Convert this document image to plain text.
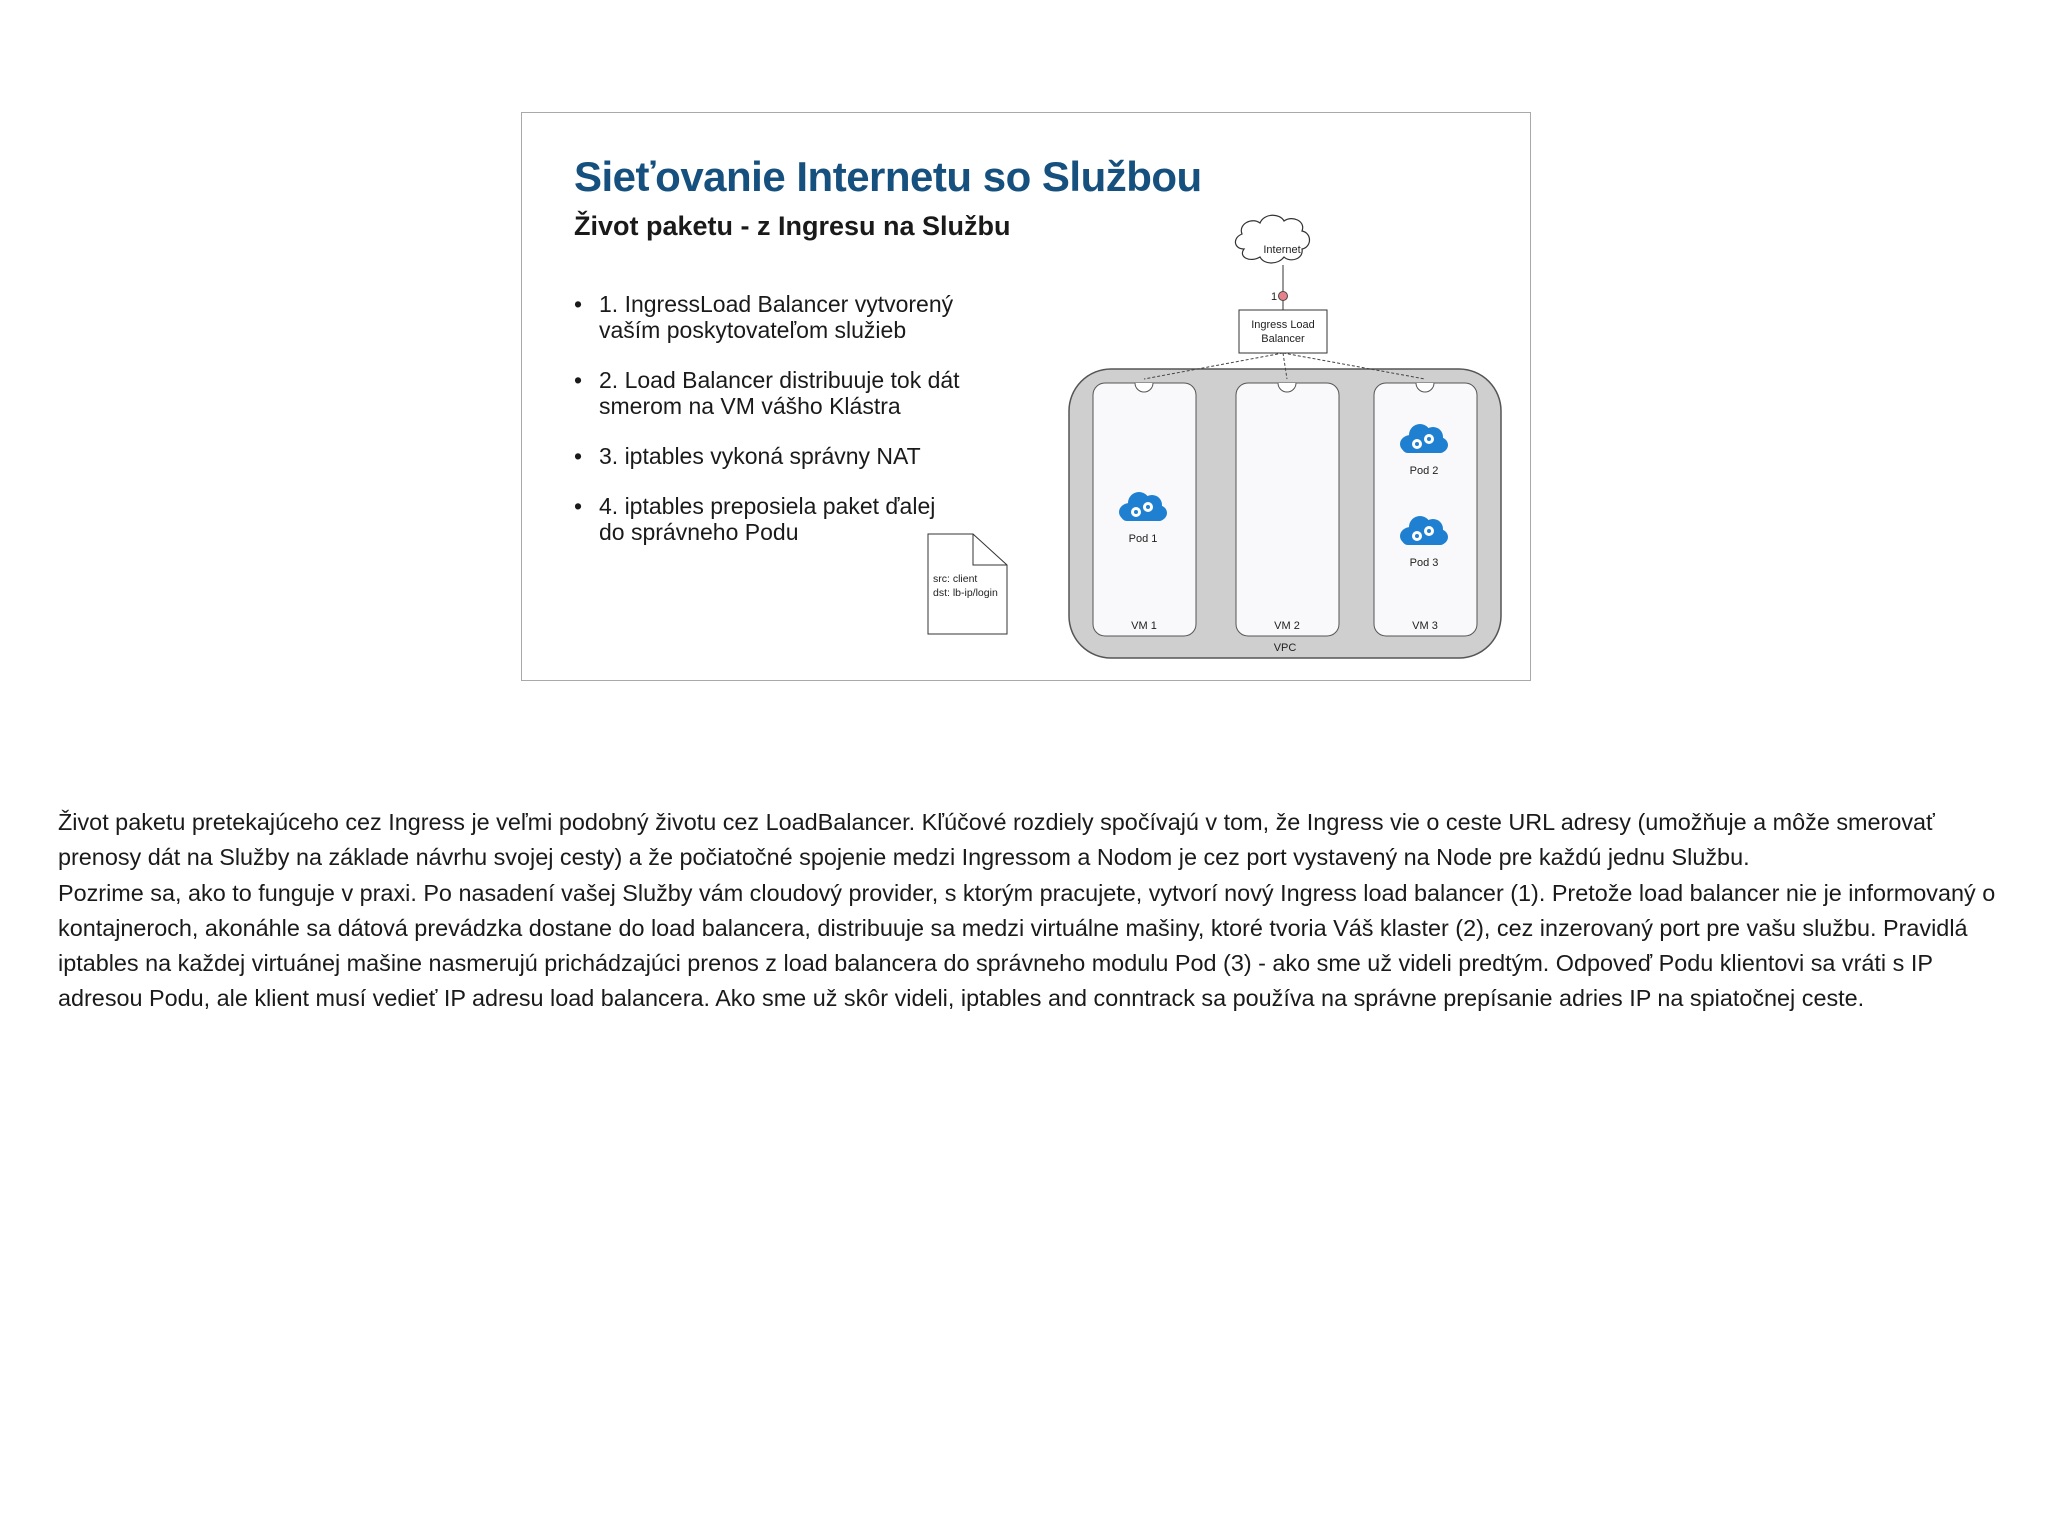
Sieťovanie Internetu so Službou
Život paketu - z Ingresu na Službu
• 1. IngressLoad Balancer vytvorený vaším poskytovateľom služieb
• 2. Load Balancer distribuuje tok dát smerom na VM vášho Klástra
• 3. iptables vykoná správny NAT
• 4. iptables preposiela paket ďalej do správneho Podu
Internet
1
Ingress Load
Balancer
VPC
VM 1	VM 2	VM 3
Pod 1
Pod 2
Pod 3
src: client
dst: lb-ip/login

Život paketu pretekajúceho cez Ingress je veľmi podobný životu cez LoadBalancer. Kľúčové rozdiely spočívajú v tom, že Ingress vie o ceste URL adresy (umožňuje a môže smerovať prenosy dát na Služby na základe návrhu svojej cesty) a že počiatočné spojenie medzi Ingressom a Nodom je cez port vystavený na Node pre každú jednu Službu.

Pozrime sa, ako to funguje v praxi. Po nasadení vašej Služby vám cloudový provider, s ktorým pracujete, vytvorí nový Ingress load balancer (1). Pretože load balancer nie je informovaný o kontajneroch, akonáhle sa dátová prevádzka dostane do load balancera, distribuuje sa medzi virtuálne mašiny, ktoré tvoria Váš klaster (2), cez inzerovaný port pre vašu službu. Pravidlá iptables na každej virtuánej mašine nasmerujú prichádzajúci prenos z load balancera do správneho modulu Pod (3) - ako sme už videli predtým. Odpoveď Podu klientovi sa vráti s IP adresou Podu, ale klient musí vedieť IP adresu load balancera. Ako sme už skôr videli, iptables and conntrack sa používa na správne prepísanie adries IP na spiatočnej ceste.
